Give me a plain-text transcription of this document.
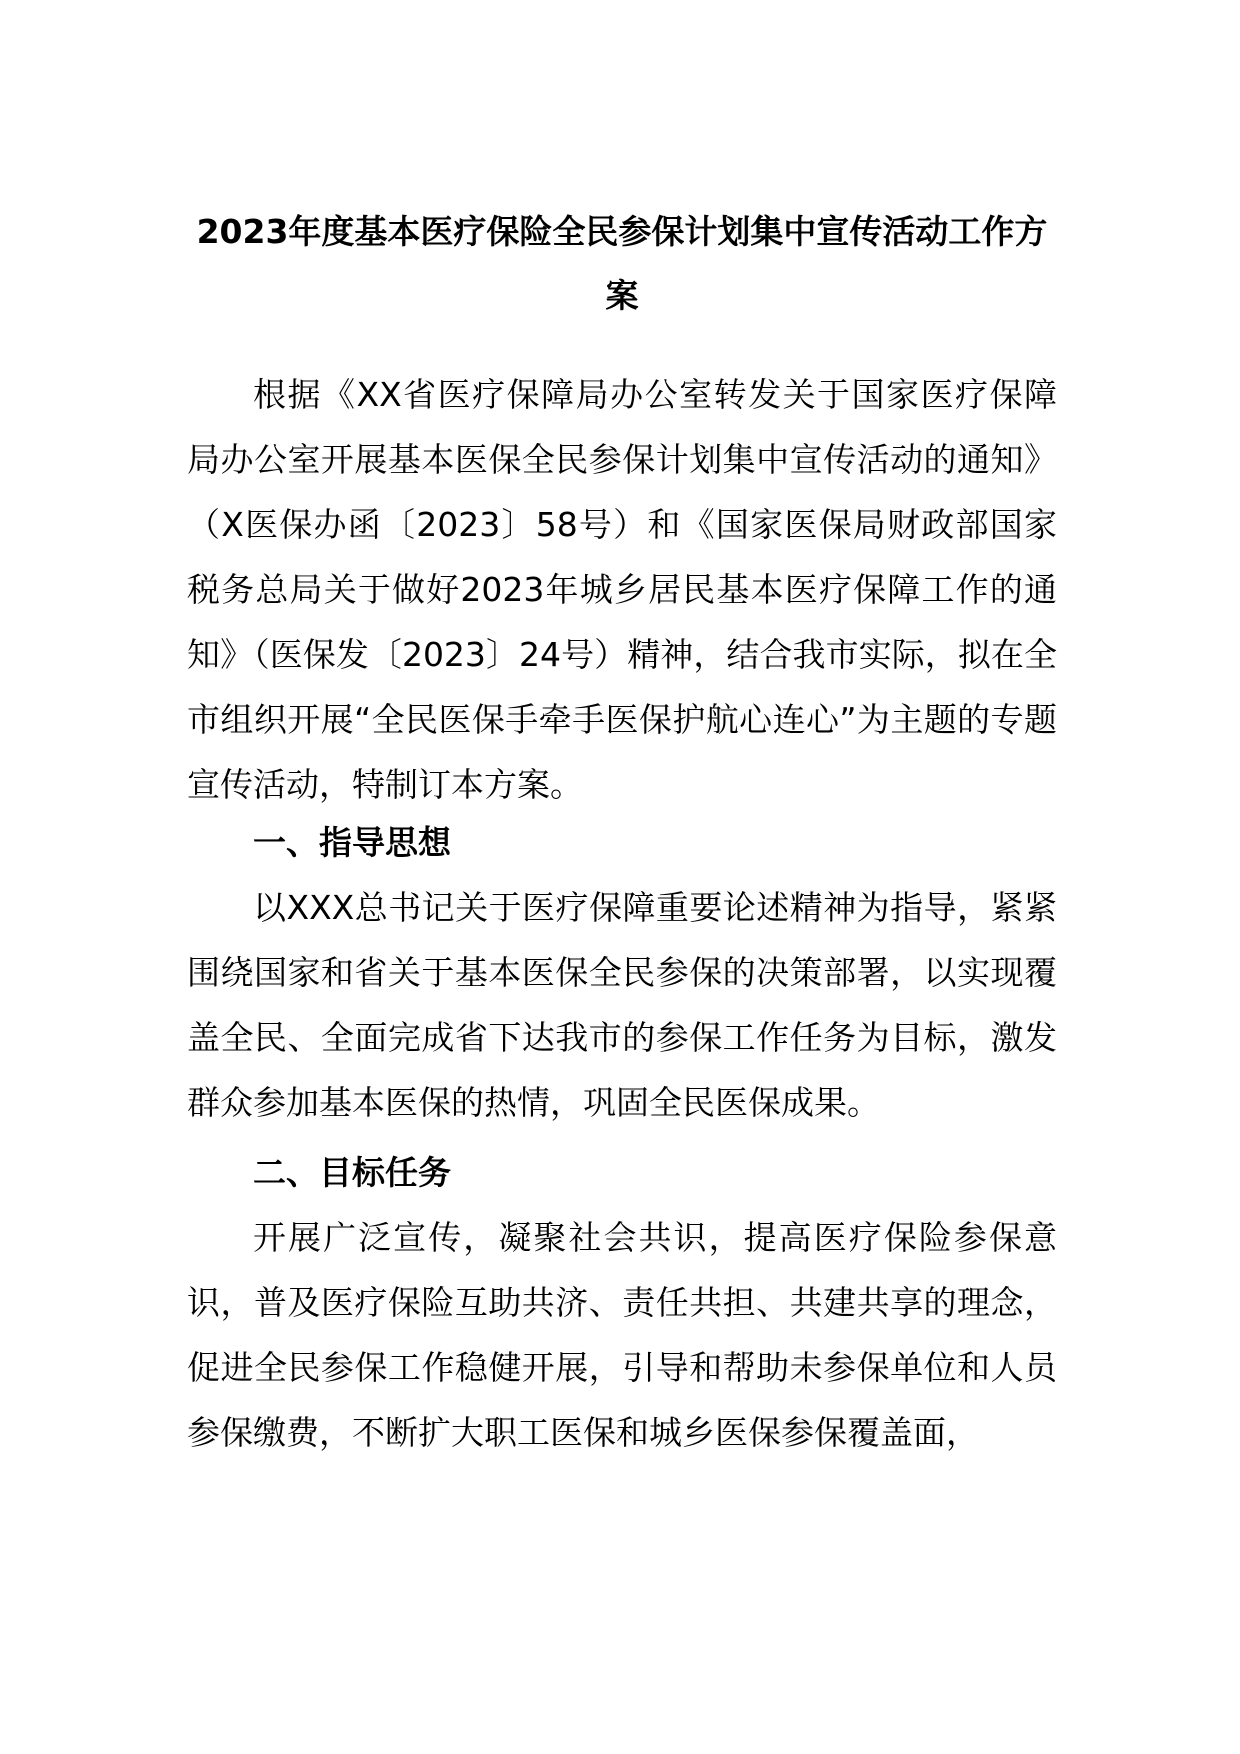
2023年度基本医疗保险全民参保计划集中宣传活动工作方案

根据《XX省医疗保障局办公室转发关于国家医疗保障局办公室开展基本医保全民参保计划集中宣传活动的通知》（X医保办函〔2023〕58号）和《国家医保局财政部国家税务总局关于做好2023年城乡居民基本医疗保障工作的通知》（医保发〔2023〕24号）精神，结合我市实际，拟在全市组织开展“全民医保手牵手医保护航心连心”为主题的专题宣传活动，特制订本方案。

一、指导思想

以XXX总书记关于医疗保障重要论述精神为指导，紧紧围绕国家和省关于基本医保全民参保的决策部署，以实现覆盖全民、全面完成省下达我市的参保工作任务为目标，激发群众参加基本医保的热情，巩固全民医保成果。

二、目标任务

开展广泛宣传，凝聚社会共识，提高医疗保险参保意识，普及医疗保险互助共济、责任共担、共建共享的理念，促进全民参保工作稳健开展，引导和帮助未参保单位和人员参保缴费，不断扩大职工医保和城乡医保参保覆盖面，
